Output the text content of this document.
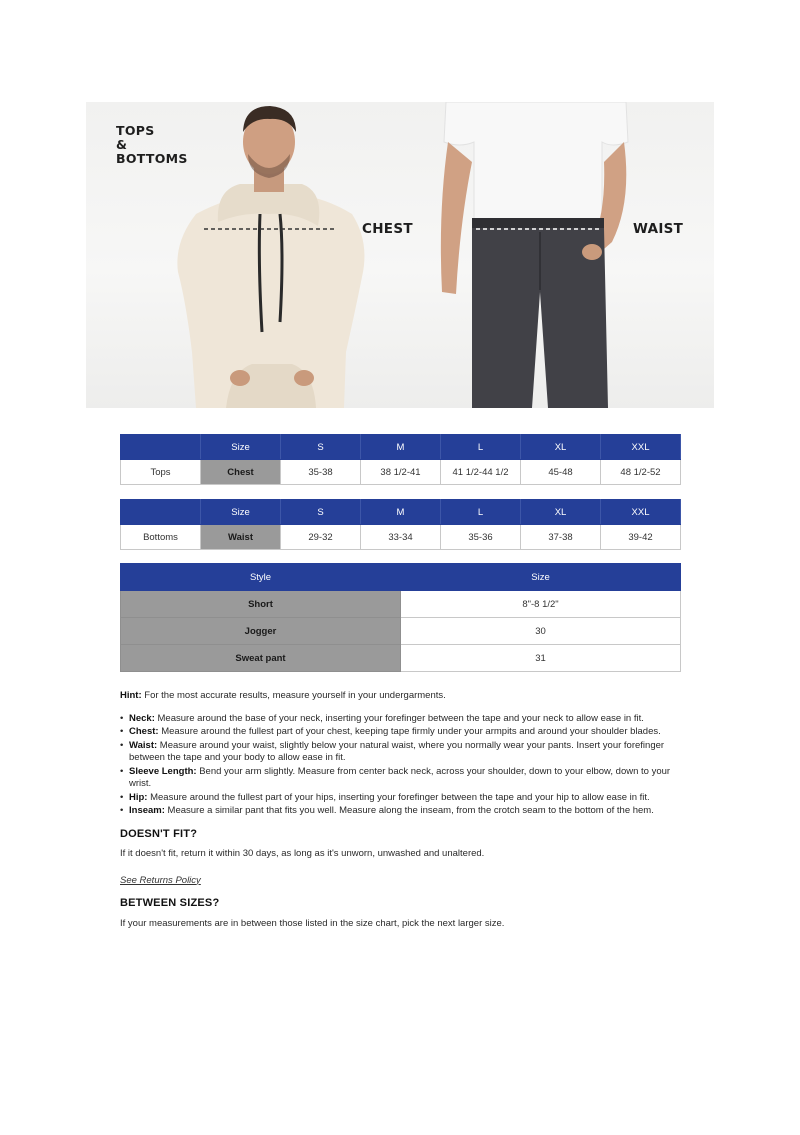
TOPS
&
BOTTOMS
CHEST	WAIST
	Size	S	M	L	XL	XXL
Tops	Chest	35-38	38 1/2-41	41 1/2-44 1/2	45-48	48 1/2-52
	Size	S	M	L	XL	XXL
Bottoms	Waist	29-32	33-34	35-36	37-38	39-42
Style	Size
Short	8"-8 1/2"
Jogger	30
Sweat pant	31

Hint: For the most accurate results, measure yourself in your undergarments.

• Neck: Measure around the base of your neck, inserting your forefinger between the tape and your neck to allow ease in fit.
• Chest: Measure around the fullest part of your chest, keeping tape firmly under your armpits and around your shoulder blades.
• Waist: Measure around your waist, slightly below your natural waist, where you normally wear your pants. Insert your forefinger between the tape and your body to allow ease in fit.
• Sleeve Length: Bend your arm slightly. Measure from center back neck, across your shoulder, down to your elbow, down to your wrist.
• Hip: Measure around the fullest part of your hips, inserting your forefinger between the tape and your hip to allow ease in fit.
• Inseam: Measure a similar pant that fits you well. Measure along the inseam, from the crotch seam to the bottom of the hem.
DOESN'T FIT?

If it doesn't fit, return it within 30 days, as long as it's unworn, unwashed and unaltered.

See Returns Policy

BETWEEN SIZES?

If your measurements are in between those listed in the size chart, pick the next larger size.
